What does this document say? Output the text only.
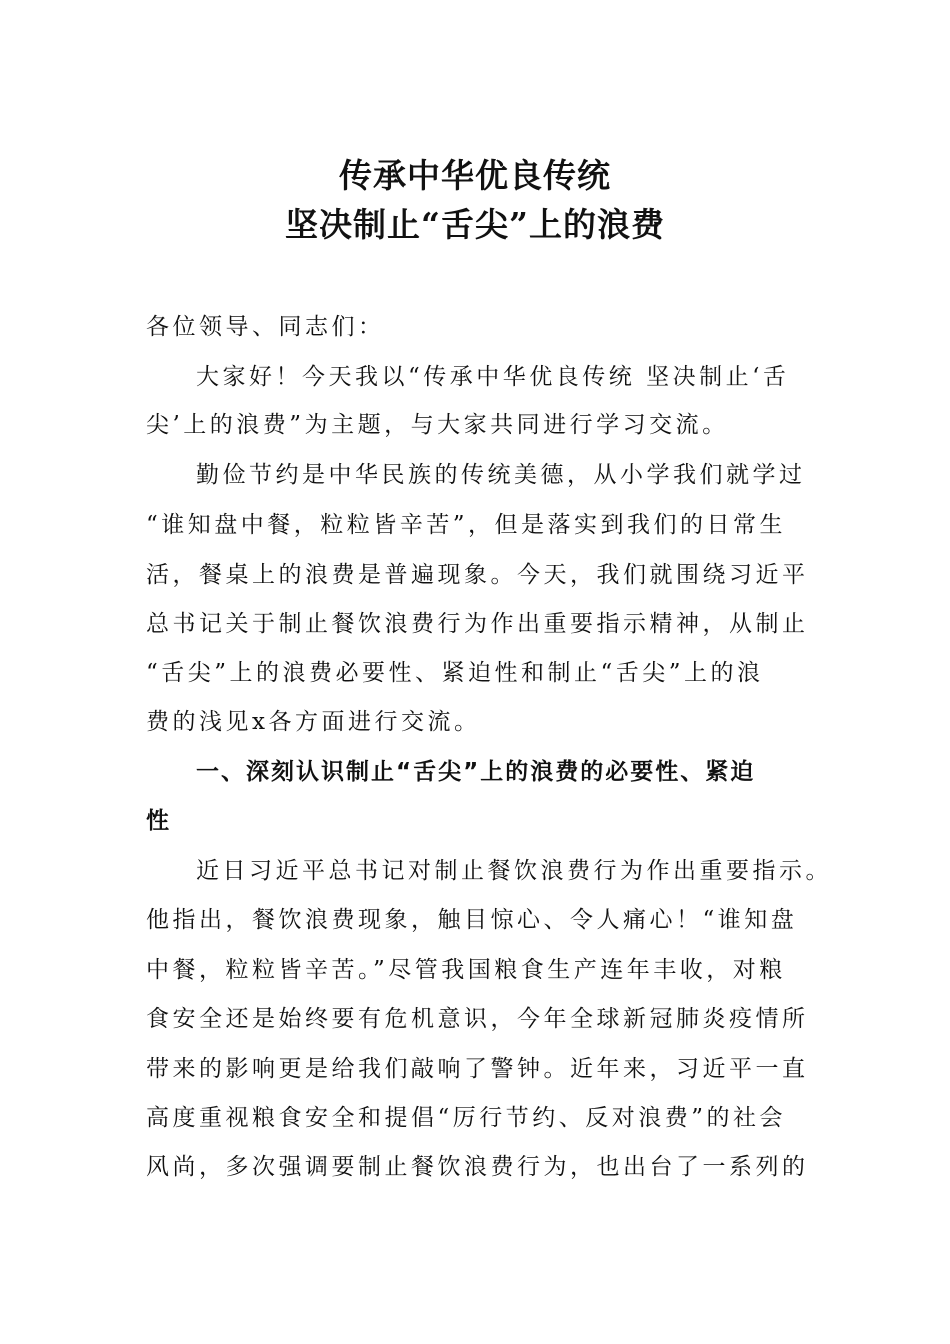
传承中华优良传统
坚决制止“舌尖”上的浪费
各位领导、同志们：
大家好！今天我以“传承中华优良传统 坚决制止‘舌
尖’上的浪费”为主题，与大家共同进行学习交流。
勤俭节约是中华民族的传统美德，从小学我们就学过
“谁知盘中餐，粒粒皆辛苦”，但是落实到我们的日常生
活，餐桌上的浪费是普遍现象。今天，我们就围绕习近平
总书记关于制止餐饮浪费行为作出重要指示精神，从制止
“舌尖”上的浪费必要性、紧迫性和制止“舌尖”上的浪
费的浅见x各方面进行交流。
一、深刻认识制止“舌尖”上的浪费的必要性、紧迫
性
近日习近平总书记对制止餐饮浪费行为作出重要指示。
他指出，餐饮浪费现象，触目惊心、令人痛心！“谁知盘
中餐，粒粒皆辛苦。”尽管我国粮食生产连年丰收，对粮
食安全还是始终要有危机意识，今年全球新冠肺炎疫情所
带来的影响更是给我们敲响了警钟。近年来，习近平一直
高度重视粮食安全和提倡“厉行节约、反对浪费”的社会
风尚，多次强调要制止餐饮浪费行为，也出台了一系列的
